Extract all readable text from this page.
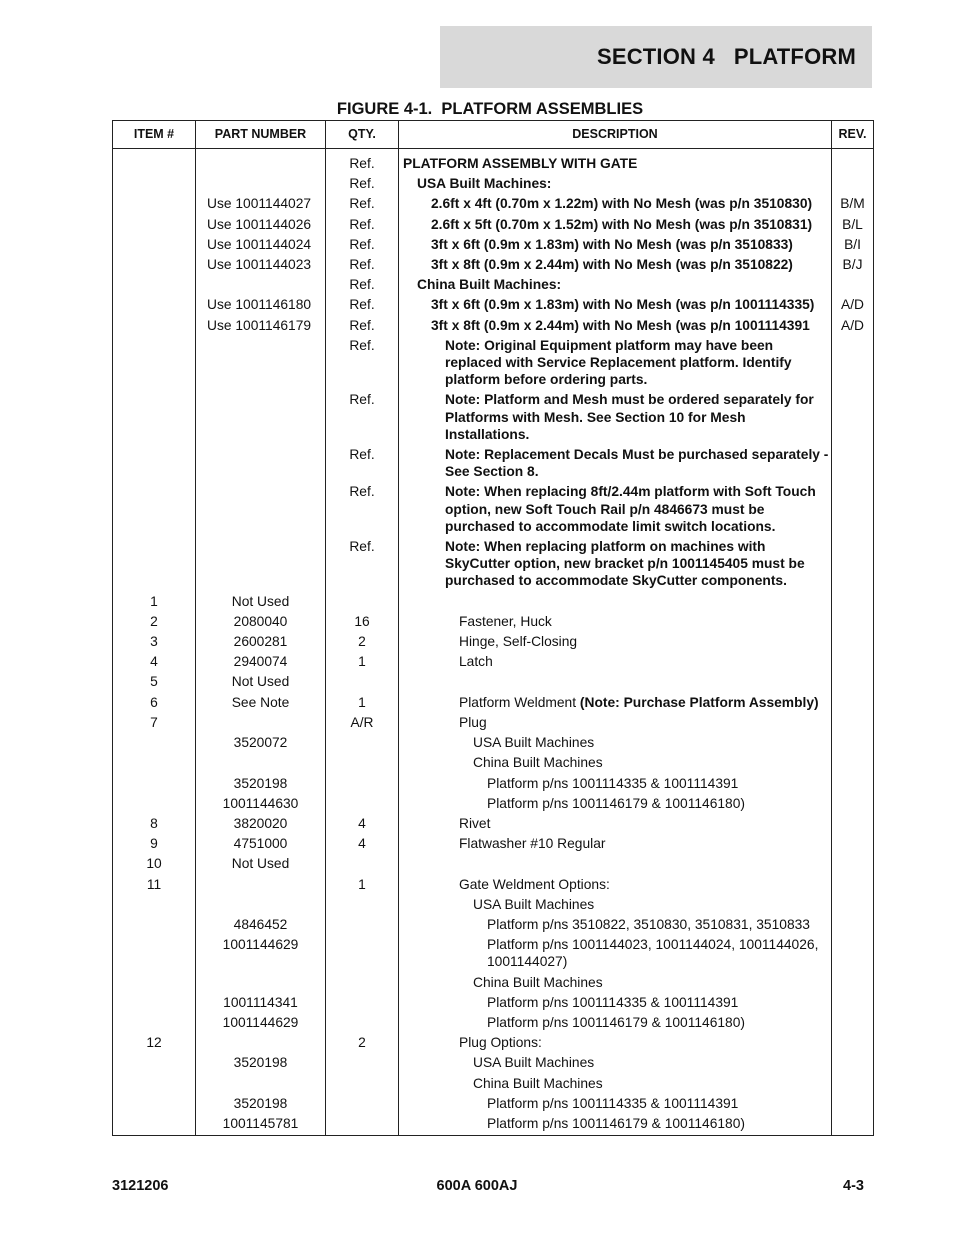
SECTION 4   PLATFORM
FIGURE 4-1.  PLATFORM ASSEMBLIES
ITEM #	PART NUMBER	QTY.	DESCRIPTION	REV.
		Ref.	PLATFORM ASSEMBLY WITH GATE	
		Ref.	USA Built Machines:	
	Use 1001144027	Ref.	2.6ft x 4ft (0.70m x 1.22m) with No Mesh (was p/n 3510830)	B/M
	Use 1001144026	Ref.	2.6ft x 5ft (0.70m x 1.52m) with No Mesh (was p/n 3510831)	B/L
	Use 1001144024	Ref.	3ft x 6ft (0.9m x 1.83m) with No Mesh (was p/n 3510833)	B/I
	Use 1001144023	Ref.	3ft x 8ft (0.9m x 2.44m) with No Mesh (was p/n 3510822)	B/J
		Ref.	China Built Machines:	
	Use 1001146180	Ref.	3ft x 6ft (0.9m x 1.83m) with No Mesh (was p/n 1001114335)	A/D
	Use 1001146179	Ref.	3ft x 8ft (0.9m x 2.44m) with No Mesh (was p/n 1001114391	A/D
		Ref.	Note: Original Equipment platform may have been replaced with Service Replacement platform. Identify platform before ordering parts.	
		Ref.	Note: Platform and Mesh must be ordered separately for Platforms with Mesh. See Section 10 for Mesh Installations.	
		Ref.	Note: Replacement Decals Must be purchased separately - See Section 8.	
		Ref.	Note: When replacing 8ft/2.44m platform with Soft Touch option, new Soft Touch Rail p/n 4846673 must be purchased to accommodate limit switch locations.	
		Ref.	Note: When replacing platform on machines with SkyCutter option, new bracket p/n 1001145405 must be purchased to accommodate SkyCutter components.	
1	Not Used			
2	2080040	16	Fastener, Huck	
3	2600281	2	Hinge, Self-Closing	
4	2940074	1	Latch	
5	Not Used			
6	See Note	1	Platform Weldment (Note: Purchase Platform Assembly)	
7		A/R	Plug	
	3520072		USA Built Machines	
			China Built Machines	
	3520198		Platform p/ns 1001114335 & 1001114391	
	1001144630		Platform p/ns 1001146179 & 1001146180)	
8	3820020	4	Rivet	
9	4751000	4	Flatwasher #10 Regular	
10	Not Used			
11		1	Gate Weldment Options:	
			USA Built Machines	
	4846452		Platform p/ns 3510822, 3510830, 3510831, 3510833	
	1001144629		Platform p/ns 1001144023, 1001144024, 1001144026, 1001144027)	
			China Built Machines	
	1001114341		Platform p/ns 1001114335 & 1001114391	
	1001144629		Platform p/ns 1001146179 & 1001146180)	
12		2	Plug Options:	
	3520198		USA Built Machines	
			China Built Machines	
	3520198		Platform p/ns 1001114335 & 1001114391	
	1001145781		Platform p/ns 1001146179 & 1001146180)	
3121206	600A 600AJ	4-3
